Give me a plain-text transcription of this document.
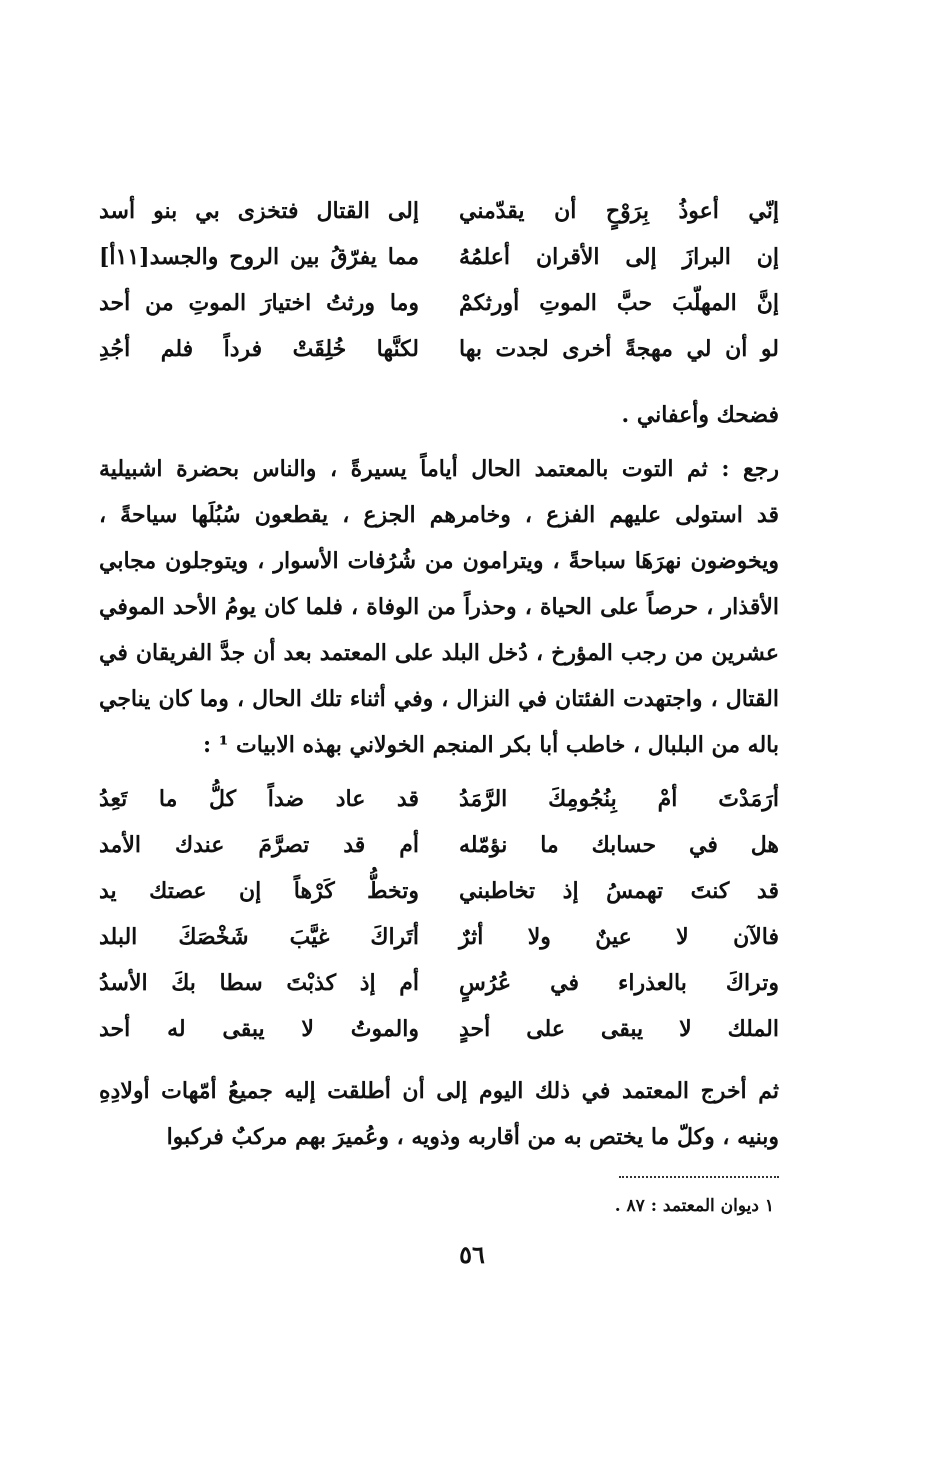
إنّي أعوذُ بِرَوْحٍ أن يقدّمني
إلى القتال فتخزى بي بنو أسد
إن البرازَ إلى الأقران أعلمُهُ
مما يفرّقُ بين الروح والجسد[١١أ]
إنَّ المهلّبَ حبَّ الموتِ أورثكمْ
وما ورثتُ اختيارَ الموتِ من أحد
لو أن لي مهجةً أخرى لجدت بها
لكنَّها خُلِقَتْ فرداً فلم أجُدِ
فضحك وأعفاني .
رجع : ثم التوت بالمعتمد الحال أياماً يسيرةً ، والناس بحضرة اشبيلية
قد استولى عليهم الفزع ، وخامرهم الجزع ، يقطعون سُبُلَها سياحةً ،
ويخوضون نهرَهَا سباحةً ، ويترامون من شُرُفات الأسوار ، ويتوجلون مجابي
الأقذار ، حرصاً على الحياة ، وحذراً من الوفاة ، فلما كان يومُ الأحد الموفي
عشرين من رجب المؤرخ ، دُخل البلد على المعتمد بعد أن جدَّ الفريقان في
القتال ، واجتهدت الفئتان في النزال ، وفي أثناء تلك الحال ، وما كان يناجي
باله من البلبال ، خاطب أبا بكر المنجم الخولاني بهذه الابيات ¹ :
أرَمَدْتَ أمْ بِنُجُومِكَ الرَّمَدُ
قد عاد ضداً كلُّ ما تَعِدُ
هل في حسابك ما نؤمّله
أم قد تصرَّمَ عندك الأمد
قد كنتَ تهمسُ إذ تخاطبني
وتخطُّ كَرْهاً إن عصتك يد
فالآن لا عينٌ ولا أثرٌ
أتَراكَ غيَّبَ شَخْصَكَ البلد
وتراكَ بالعذراء في عُرُسٍ
أم إذ كذبْتَ سطا بكَ الأسدُ
الملك لا يبقى على أحدٍ
والموتُ لا يبقى له أحد
ثم أخرج المعتمد في ذلك اليوم إلى أن أطلقت إليه جميعُ أمّهات أولادِهِ
وبنيه ، وكلّ ما يختص به من أقاربه وذويه ، وعُميرَ بهم مركبٌ فركبوا
١ ديوان المعتمد : ٨٧ .
٥٦
